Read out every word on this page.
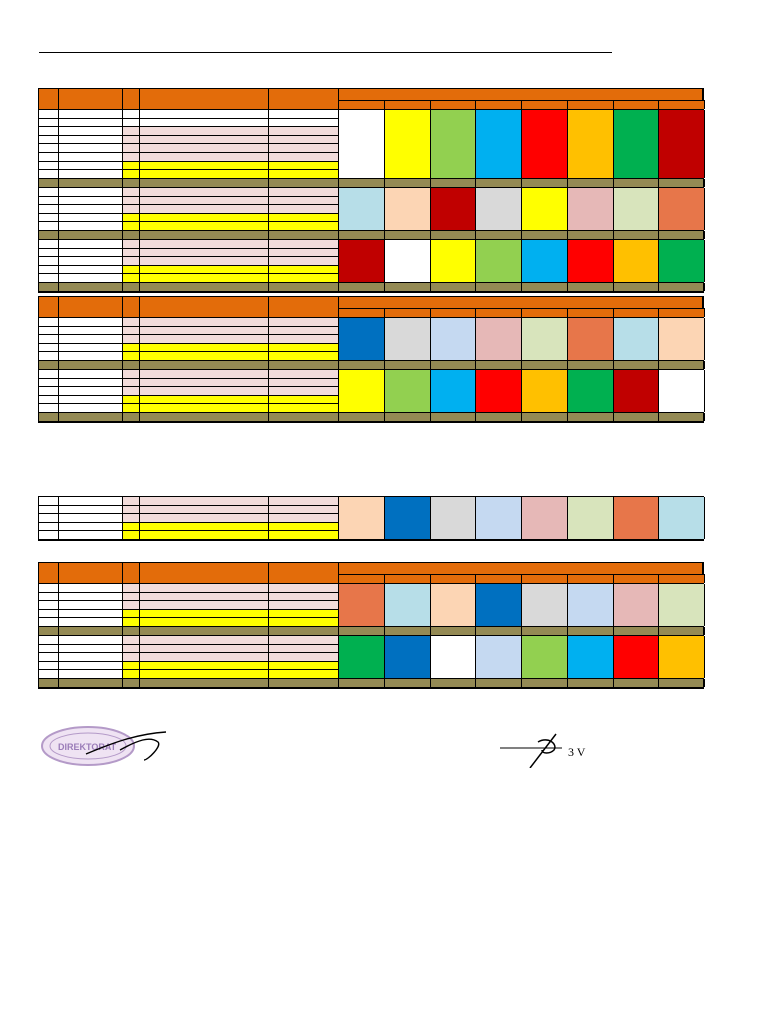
DIREKTORAT	3 V
